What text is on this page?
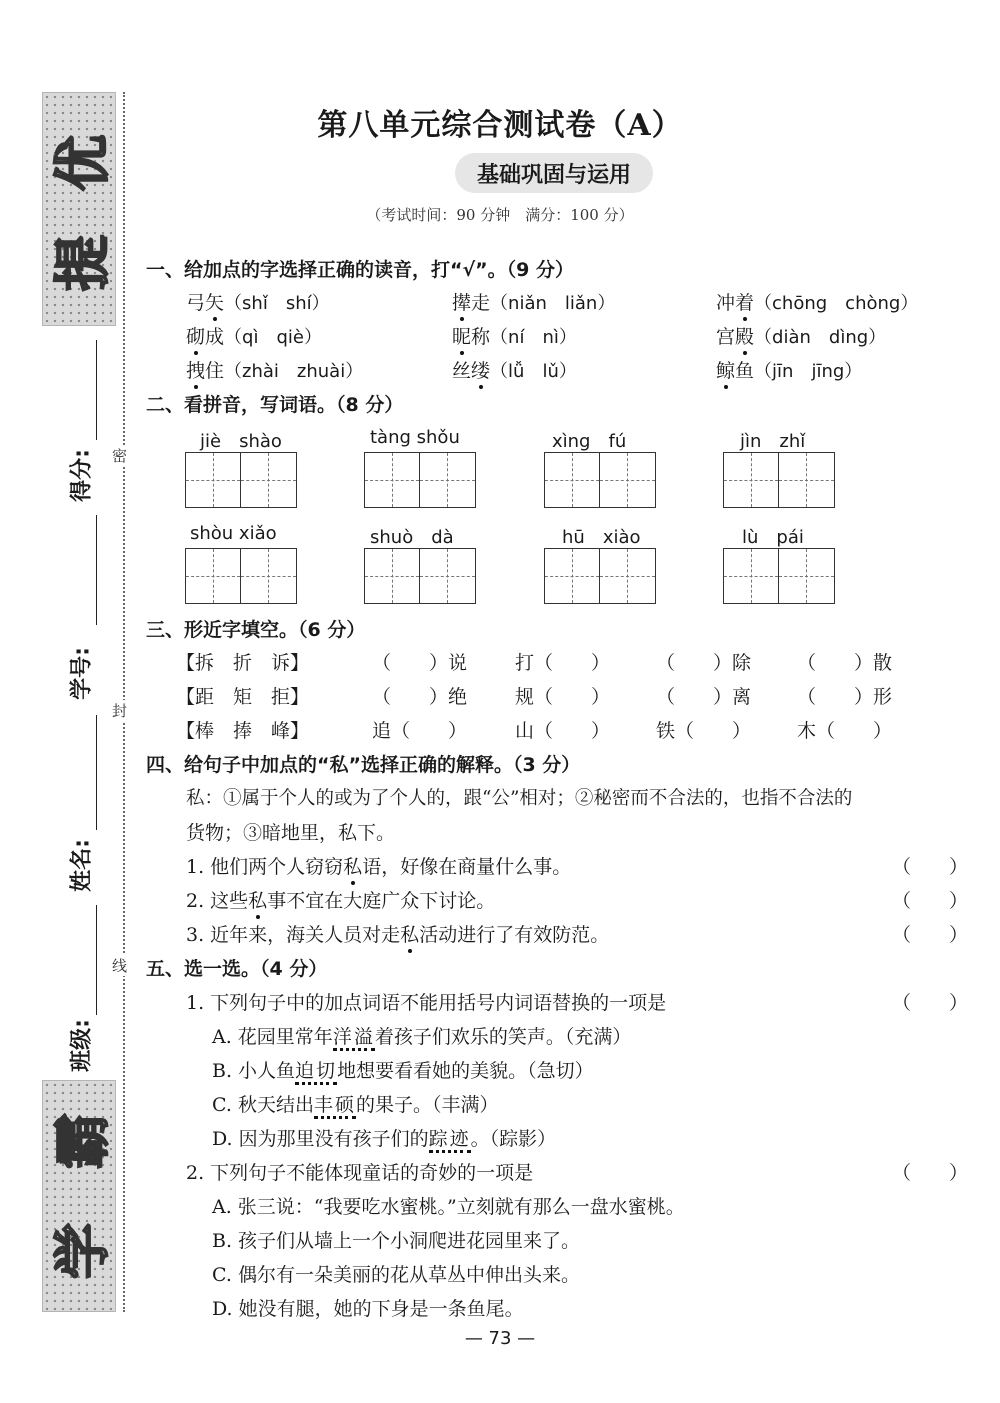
优
提
霸
学
得分:
学号:
姓名:
班级:
密
封
线
第八单元综合测试卷（A）
基础巩固与运用
（考试时间：90 分钟　满分：100 分）
一、给加点的字选择正确的读音，打“√”。（9 分）
弓矢（shǐ　shí）	撵走（niǎn　liǎn）	冲着（chōng　chòng）
砌成（qì　qiè）	昵称（ní　nì）	宫殿（diàn　dìng）
拽住（zhài　zhuài）	丝缕（lǚ　lǔ）	鲸鱼（jīn　jīng）
二、看拼音，写词语。（8 分）
jiè　shào	tàng shǒu	xìng　fú	jìn　zhǐ
shòu xiǎo	shuò　dà	hū　xiào	lù　pái
三、形近字填空。（6 分）
【拆　折　诉】	（　　）说	打（　　） （　　）除 （　　）散
【距　矩　拒】	（　　）绝	规（　　） （　　）离 （　　）形
【棒　捧　峰】	追（　　）	山（　　） 铁（　　） 木（　　）
四、给句子中加点的“私”选择正确的解释。（3 分）
私：①属于个人的或为了个人的，跟“公”相对；②秘密而不合法的，也指不合法的
货物；③暗地里，私下。
1. 他们两个人窃窃私语，好像在商量什么事。	（　　）
2. 这些私事不宜在大庭广众下讨论。	（　　）
3. 近年来，海关人员对走私活动进行了有效防范。	（　　）
五、选一选。（4 分）
1. 下列句子中的加点词语不能用括号内词语替换的一项是	（　　）
A. 花园里常年洋溢着孩子们欢乐的笑声。（充满）
B. 小人鱼迫切地想要看看她的美貌。（急切）
C. 秋天结出丰硕的果子。（丰满）
D. 因为那里没有孩子们的踪迹。（踪影）
2. 下列句子不能体现童话的奇妙的一项是	（　　）
A. 张三说：“我要吃水蜜桃。”立刻就有那么一盘水蜜桃。
B. 孩子们从墙上一个小洞爬进花园里来了。
C. 偶尔有一朵美丽的花从草丛中伸出头来。
D. 她没有腿，她的下身是一条鱼尾。
— 73 —
